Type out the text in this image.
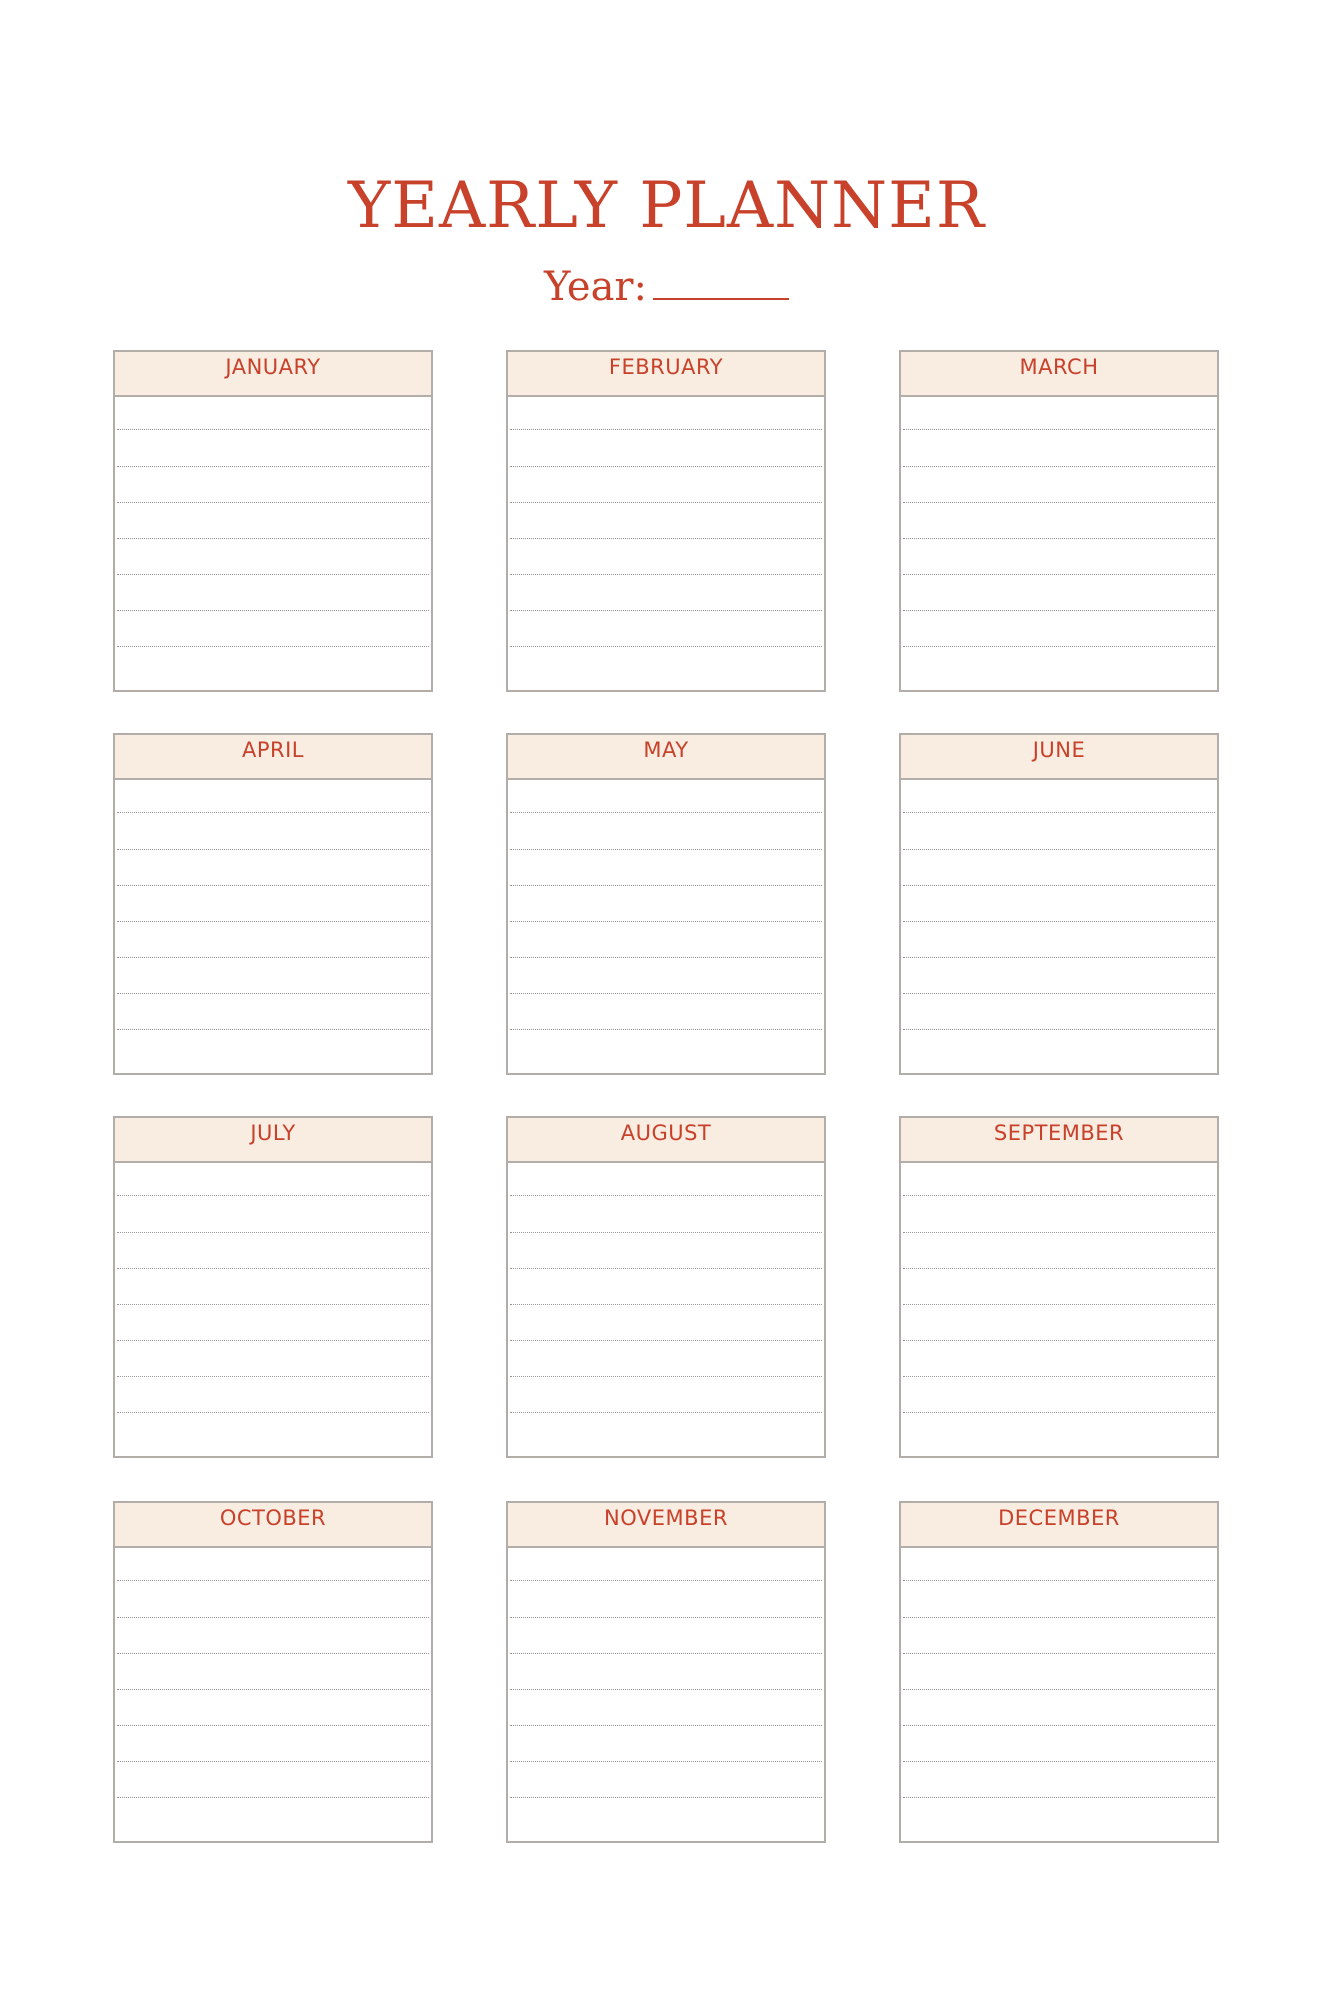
YEARLY PLANNER
Year:
JANUARY	FEBRUARY	MARCH
APRIL	MAY	JUNE
JULY	AUGUST	SEPTEMBER
OCTOBER	NOVEMBER	DECEMBER
